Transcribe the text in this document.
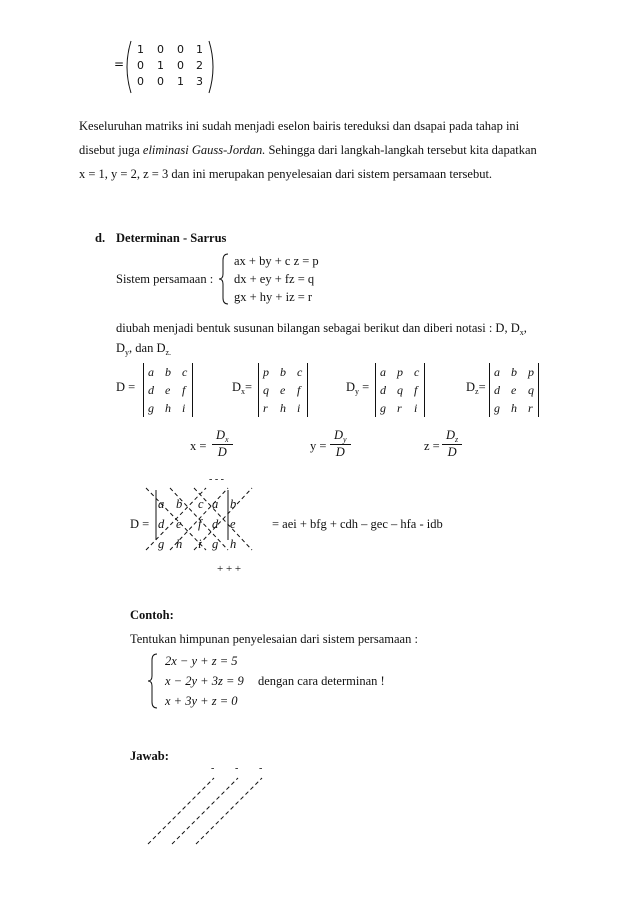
=
1 0 0 1
0 1 0 2
0 0 1 3
Keseluruhan matriks ini sudah menjadi eselon bairis tereduksi dan dsapai pada tahap ini
disebut juga eliminasi Gauss-Jordan. Sehingga dari langkah-langkah tersebut kita dapatkan
x = 1, y = 2, z = 3 dan ini merupakan penyelesaian dari sistem persamaan tersebut.
d. Determinan - Sarrus
Sistem persamaan :
ax + by + c z = p
dx + ey + fz = q
gx + hy + iz = r
diubah menjadi bentuk susunan bilangan sebagai berikut dan diberi notasi : D, $D_x$,
$D_y$, dan $D_{z.}$
D =
a b c
d e f
g h i
$D_x=$
p b c
q e f
r h i
$D_y$ =
a p c
d q f
g r i
$D_z=$
a b p
d e q
g h r
$x = \frac{D_x}{D}$	$y = \frac{D_y}{D}$	$z = \frac{D_z}{D}$
- - -
D =
a b c a b
d e f d e
g h i g h
= aei + bfg + cdh – gec – hfa - idb
+ + +
Contoh:
Tentukan himpunan penyelesaian dari sistem persamaan :
2x − y + z = 5
x − 2y + 3z = 9
x + 3y + z = 0
dengan cara determinan !
Jawab:
- - -
